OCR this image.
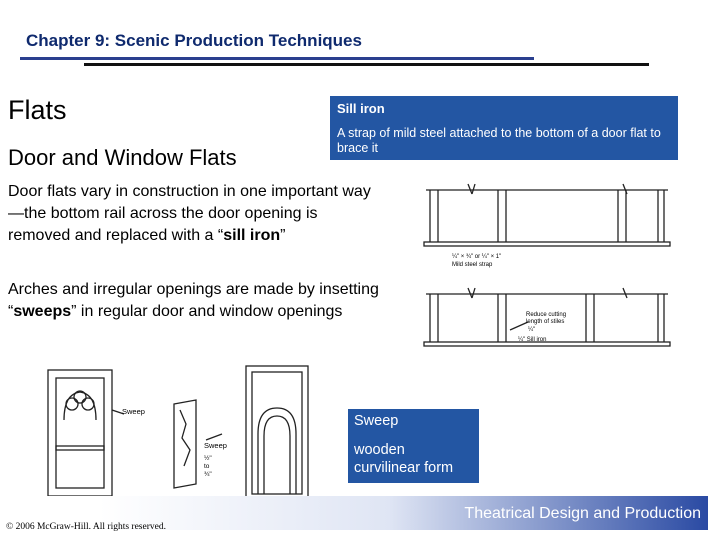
Chapter 9: Scenic Production Techniques
Flats
Door and Window Flats
Sill iron
A strap of mild steel attached to the bottom of a door flat to brace it
Door flats vary in construction in one important way—the bottom rail across the door opening is removed and replaced with a “sill iron”
Arches and irregular openings are made by insetting “sweeps” in regular door and window openings
¼" × ¾" or ¼" × 1"
Mild steel strap
Reduce cutting
length of stiles
¼"
¼" Sill iron
Sweep
Sweep
½"
to
¾"
Sweep
wooden curvilinear form
Theatrical Design and Production
© 2006 McGraw-Hill. All rights reserved.
